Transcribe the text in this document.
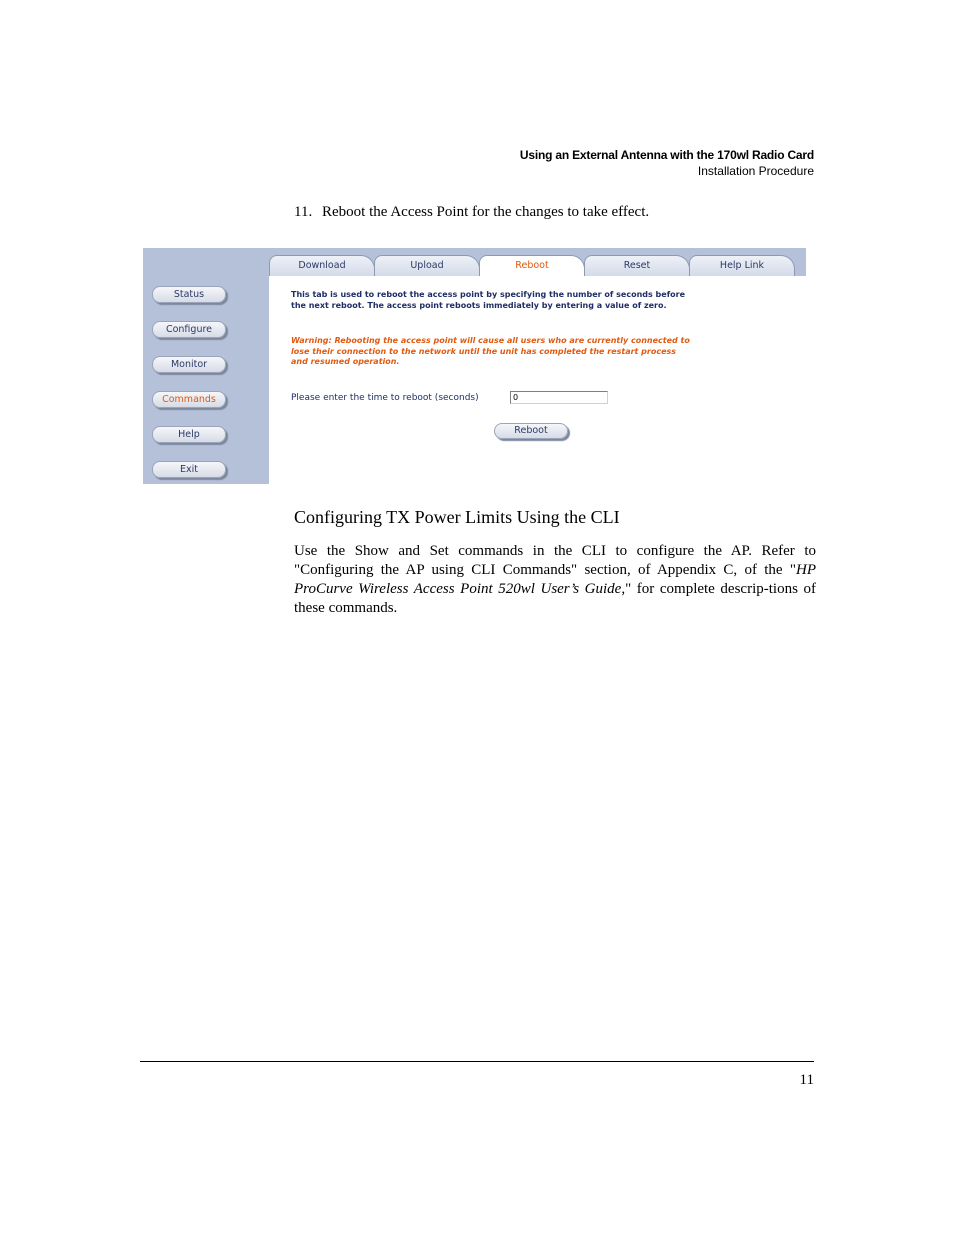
Using an External Antenna with the 170wl Radio Card
Installation Procedure
11. Reboot the Access Point for the changes to take effect.
Status
Configure
Monitor
Commands
Help
Exit
Download	Upload	Reset	Help Link
Reboot
This tab is used to reboot the access point by specifying the number of seconds before the next reboot. The access point reboots immediately by entering a value of zero.
Warning: Rebooting the access point will cause all users who are currently connected to lose their connection to the network until the unit has completed the restart process and resumed operation.
Please enter the time to reboot (seconds)
0
Reboot
Configuring TX Power Limits Using the CLI
Use the Show and Set commands in the CLI to configure the AP. Refer to "Configuring the AP using CLI Commands" section, of Appendix C, of the "HP ProCurve Wireless Access Point 520wl User’s Guide," for complete descrip-tions of these commands.
11
